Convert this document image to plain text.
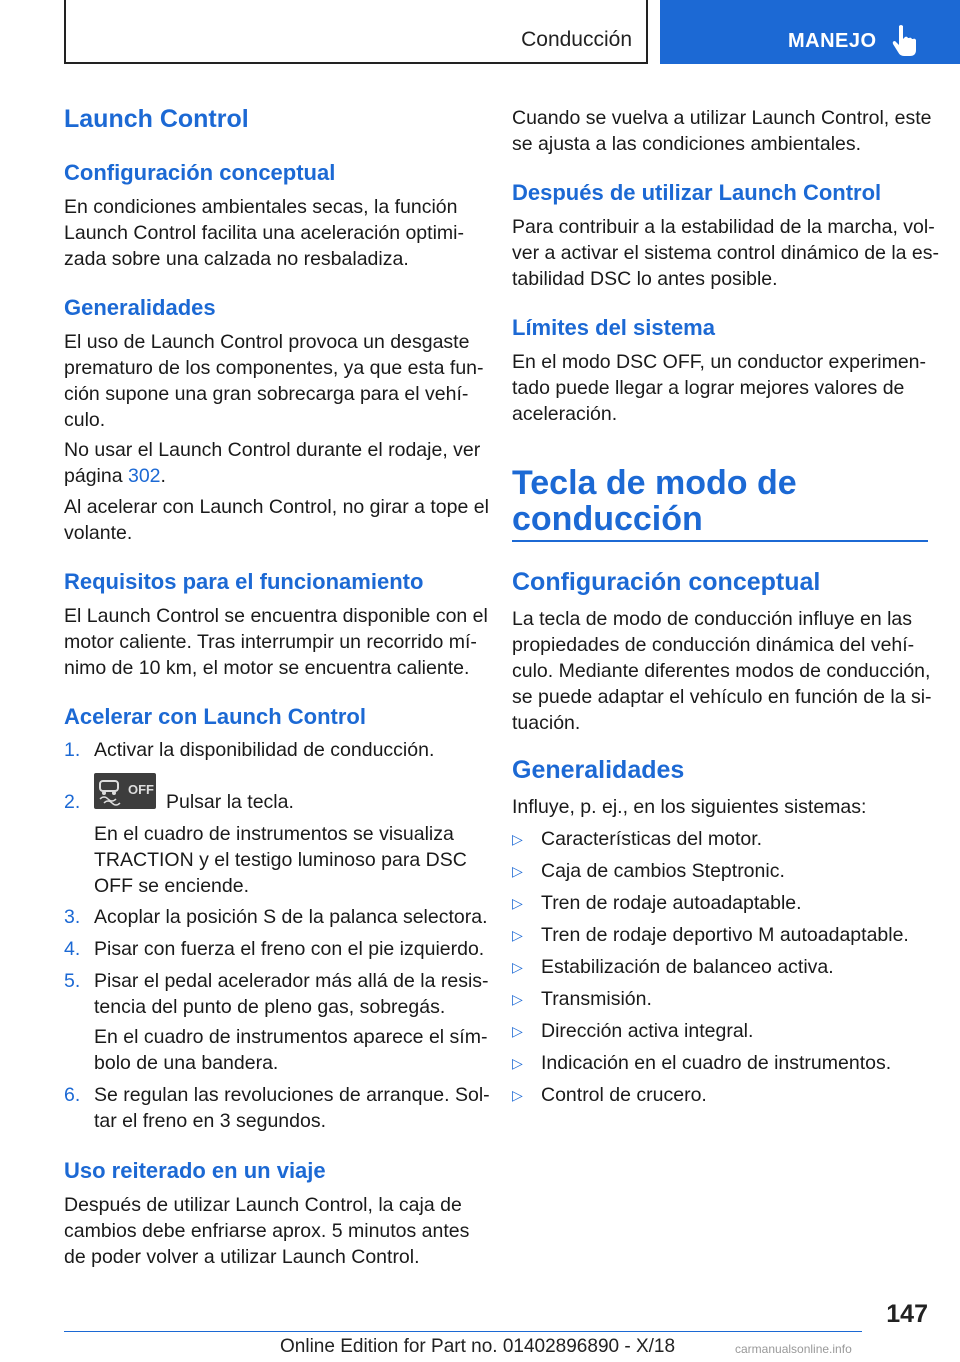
Conducción	MANEJO
Launch Control
Configuración conceptual
En condiciones ambientales secas, la función
Launch Control facilita una aceleración optimi‐
zada sobre una calzada no resbaladiza.
Generalidades
El uso de Launch Control provoca un desgaste
prematuro de los componentes, ya que esta fun‐
ción supone una gran sobrecarga para el vehí‐
culo.
No usar el Launch Control durante el rodaje, ver
página 302.
Al acelerar con Launch Control, no girar a tope el
volante.
Requisitos para el funcionamiento
El Launch Control se encuentra disponible con el
motor caliente. Tras interrumpir un recorrido mí‐
nimo de 10 km, el motor se encuentra caliente.
Acelerar con Launch Control
1. Activar la disponibilidad de conducción.
2.
OFF
Pulsar la tecla.
En el cuadro de instrumentos se visualiza
TRACTION y el testigo luminoso para DSC
OFF se enciende.
3. Acoplar la posición S de la palanca selectora.
4. Pisar con fuerza el freno con el pie izquierdo.
5. Pisar el pedal acelerador más allá de la resis‐
tencia del punto de pleno gas, sobregás.
En el cuadro de instrumentos aparece el sím‐
bolo de una bandera.
6. Se regulan las revoluciones de arranque. Sol‐
tar el freno en 3 segundos.
Uso reiterado en un viaje
Después de utilizar Launch Control, la caja de
cambios debe enfriarse aprox. 5 minutos antes
de poder volver a utilizar Launch Control.
Cuando se vuelva a utilizar Launch Control, este
se ajusta a las condiciones ambientales.
Después de utilizar Launch Control
Para contribuir a la estabilidad de la marcha, vol‐
ver a activar el sistema control dinámico de la es‐
tabilidad DSC lo antes posible.
Límites del sistema
En el modo DSC OFF, un conductor experimen‐
tado puede llegar a lograr mejores valores de
aceleración.
Tecla de modo de
conducción
Configuración conceptual
La tecla de modo de conducción influye en las
propiedades de conducción dinámica del vehí‐
culo. Mediante diferentes modos de conducción,
se puede adaptar el vehículo en función de la si‐
tuación.
Generalidades
Influye, p. ej., en los siguientes sistemas:
▷ Características del motor.
▷ Caja de cambios Steptronic.
▷ Tren de rodaje autoadaptable.
▷ Tren de rodaje deportivo M autoadaptable.
▷ Estabilización de balanceo activa.
▷ Transmisión.
▷ Dirección activa integral.
▷ Indicación en el cuadro de instrumentos.
▷ Control de crucero.
147
Online Edition for Part no. 01402896890 - X/18	carmanualsonline.info
